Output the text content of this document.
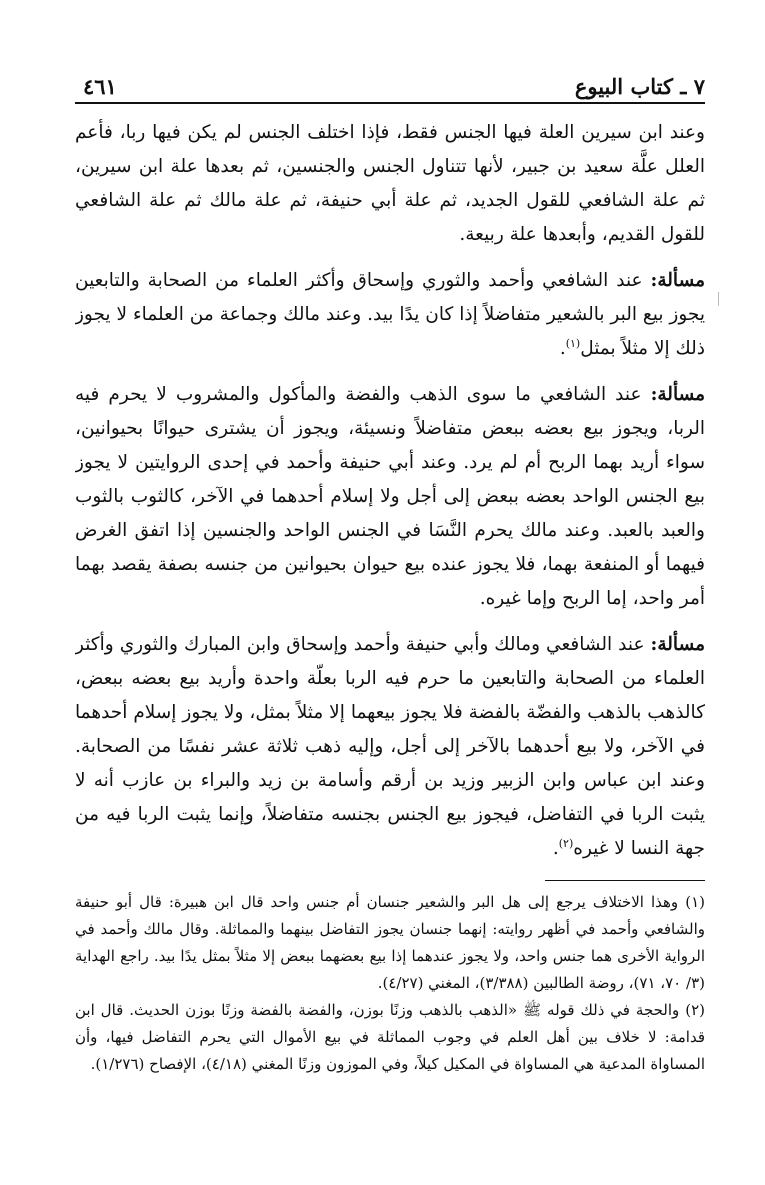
٧ ـ كتاب البيوع
٤٦١

وعند ابن سيرين العلة فيها الجنس فقط، فإذا اختلف الجنس لم يكن فيها ربا، فأعم العلل علَّة سعيد بن جبير، لأنها تتناول الجنس والجنسين، ثم بعدها علة ابن سيرين، ثم علة الشافعي للقول الجديد، ثم علة أبي حنيفة، ثم علة مالك ثم علة الشافعي للقول القديم، وأبعدها علة ربيعة.

مسألة: عند الشافعي وأحمد والثوري وإسحاق وأكثر العلماء من الصحابة والتابعين يجوز بيع البر بالشعير متفاضلاً إذا كان يدًا بيد. وعند مالك وجماعة من العلماء لا يجوز ذلك إلا مثلاً بمثل$^{(١)}$.

مسألة: عند الشافعي ما سوى الذهب والفضة والمأكول والمشروب لا يحرم فيه الربا، ويجوز بيع بعضه ببعض متفاضلاً ونسيئة، ويجوز أن يشترى حيوانًا بحيوانين، سواء أريد بهما الربح أم لم يرد. وعند أبي حنيفة وأحمد في إحدى الروايتين لا يجوز بيع الجنس الواحد بعضه ببعض إلى أجل ولا إسلام أحدهما في الآخر، كالثوب بالثوب والعبد بالعبد. وعند مالك يحرم النَّسَا في الجنس الواحد والجنسين إذا اتفق الغرض فيهما أو المنفعة بهما، فلا يجوز عنده بيع حيوان بحيوانين من جنسه بصفة يقصد بهما أمر واحد، إما الربح وإما غيره.

مسألة: عند الشافعي ومالك وأبي حنيفة وأحمد وإسحاق وابن المبارك والثوري وأكثر العلماء من الصحابة والتابعين ما حرم فيه الربا بعلّة واحدة وأريد بيع بعضه ببعض، كالذهب بالذهب والفضّة بالفضة فلا يجوز بيعهما إلا مثلاً بمثل، ولا يجوز إسلام أحدهما في الآخر، ولا بيع أحدهما بالآخر إلى أجل، وإليه ذهب ثلاثة عشر نفسًا من الصحابة. وعند ابن عباس وابن الزبير وزيد بن أرقم وأسامة بن زيد والبراء بن عازب أنه لا يثبت الربا في التفاضل، فيجوز بيع الجنس بجنسه متفاضلاً، وإنما يثبت الربا فيه من جهة النسا لا غيره$^{(٢)}$.

(١) وهذا الاختلاف يرجع إلى هل البر والشعير جنسان أم جنس واحد قال ابن هبيرة: قال أبو حنيفة والشافعي وأحمد في أظهر روايته: إنهما جنسان يجوز التفاضل بينهما والمماثلة. وقال مالك وأحمد في الرواية الأخرى هما جنس واحد، ولا يجوز عندهما إذا بيع بعضهما ببعض إلا مثلاً بمثل يدًا بيد. راجع الهداية (٣/ ٧٠، ٧١)، روضة الطالبين (٣/٣٨٨)، المغني (٤/٢٧).

(٢) والحجة في ذلك قوله ﷺ «الذهب بالذهب وزنًا بوزن، والفضة بالفضة وزنًا بوزن الحديث. قال ابن قدامة: لا خلاف بين أهل العلم في وجوب المماثلة في بيع الأموال التي يحرم التفاضل فيها، وأن المساواة المدعية هي المساواة في المكيل كيلاً، وفي الموزون وزنًا المغني (٤/١٨)، الإفصاح (١/٢٧٦).
